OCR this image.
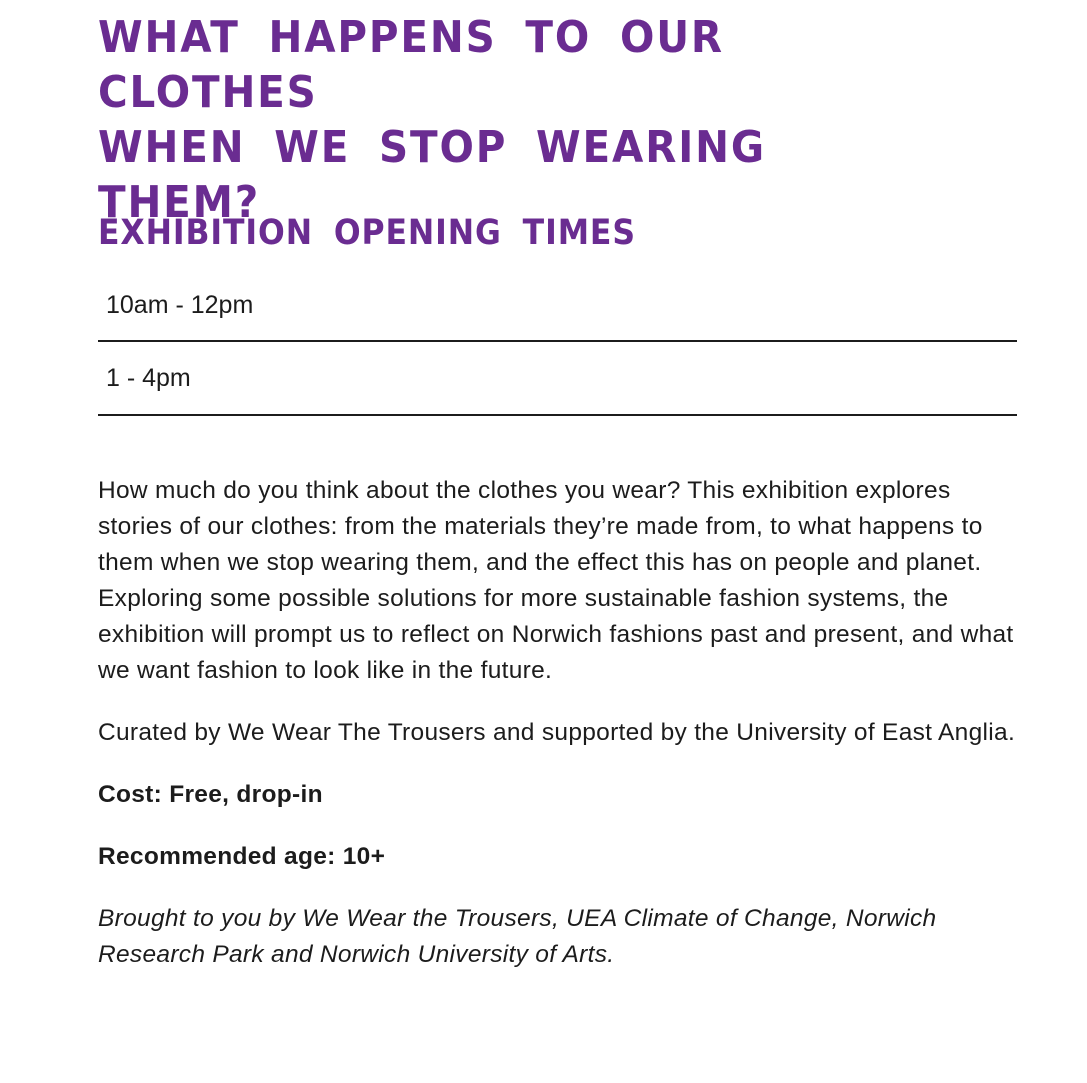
WHAT HAPPENS TO OUR CLOTHES
WHEN WE STOP WEARING THEM?
EXHIBITION OPENING TIMES
10am - 12pm
1 - 4pm

How much do you think about the clothes you wear? This exhibition explores stories of our clothes: from the materials they’re made from, to what happens to them when we stop wearing them, and the effect this has on people and planet. Exploring some possible solutions for more sustainable fashion systems, the exhibition will prompt us to reflect on Norwich fashions past and present, and what we want fashion to look like in the future.

Curated by We Wear The Trousers and supported by the University of East Anglia.

Cost: Free, drop-in

Recommended age: 10+

Brought to you by We Wear the Trousers, UEA Climate of Change, Norwich Research Park and Norwich University of Arts.
